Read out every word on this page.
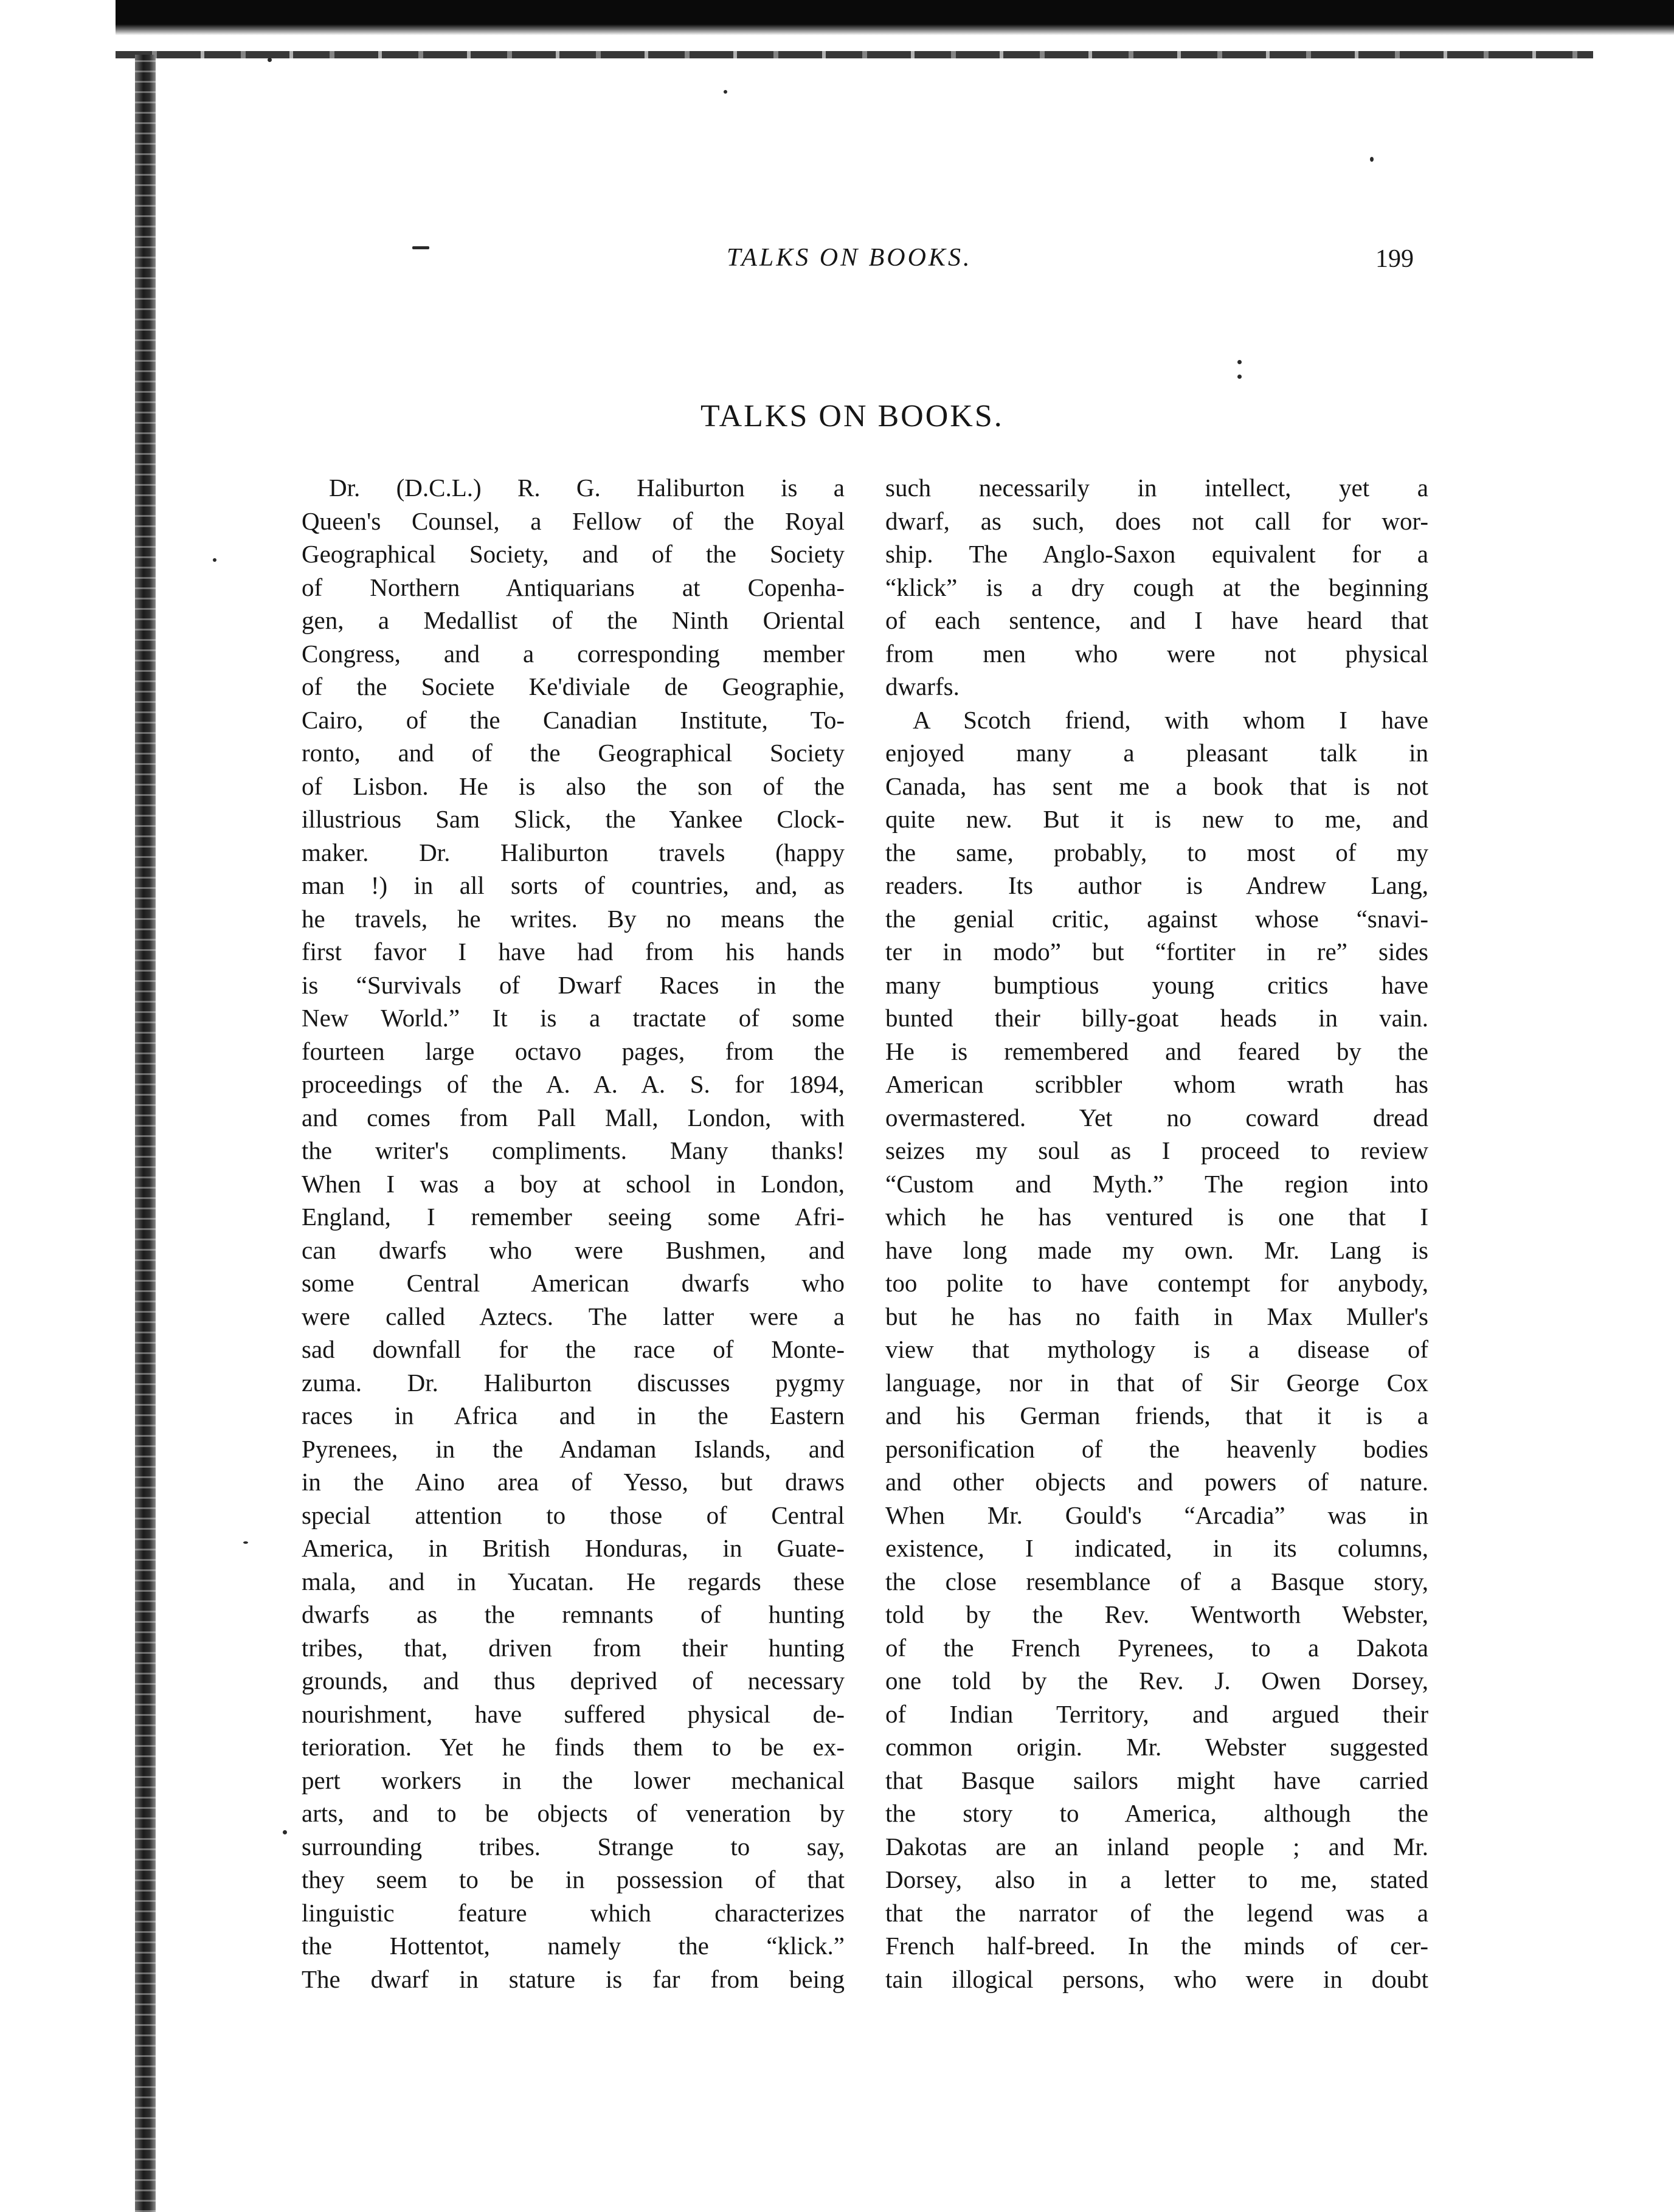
TALKS ON BOOKS.	199
TALKS ON BOOKS.
Dr. (D.C.L.) R. G. Haliburton is a
Queen's Counsel, a Fellow of the Royal
Geographical Society, and of the Society
of Northern Antiquarians at Copenha-
gen, a Medallist of the Ninth Oriental
Congress, and a corresponding member
of the Societe Ke'diviale de Geographie,
Cairo, of the Canadian Institute, To-
ronto, and of the Geographical Society
of Lisbon. He is also the son of the
illustrious Sam Slick, the Yankee Clock-
maker. Dr. Haliburton travels (happy
man !) in all sorts of countries, and, as
he travels, he writes. By no means the
first favor I have had from his hands
is “Survivals of Dwarf Races in the
New World.” It is a tractate of some
fourteen large octavo pages, from the
proceedings of the A. A. A. S. for 1894,
and comes from Pall Mall, London, with
the writer's compliments. Many thanks!
When I was a boy at school in London,
England, I remember seeing some Afri-
can dwarfs who were Bushmen, and
some Central American dwarfs who
were called Aztecs. The latter were a
sad downfall for the race of Monte-
zuma. Dr. Haliburton discusses pygmy
races in Africa and in the Eastern
Pyrenees, in the Andaman Islands, and
in the Aino area of Yesso, but draws
special attention to those of Central
America, in British Honduras, in Guate-
mala, and in Yucatan. He regards these
dwarfs as the remnants of hunting
tribes, that, driven from their hunting
grounds, and thus deprived of necessary
nourishment, have suffered physical de-
terioration. Yet he finds them to be ex-
pert workers in the lower mechanical
arts, and to be objects of veneration by
surrounding tribes. Strange to say,
they seem to be in possession of that
linguistic feature which characterizes
the Hottentot, namely the “klick.”
The dwarf in stature is far from being
such necessarily in intellect, yet a
dwarf, as such, does not call for wor-
ship. The Anglo-Saxon equivalent for a
“klick” is a dry cough at the beginning
of each sentence, and I have heard that
from men who were not physical
dwarfs.
A Scotch friend, with whom I have
enjoyed many a pleasant talk in
Canada, has sent me a book that is not
quite new. But it is new to me, and
the same, probably, to most of my
readers. Its author is Andrew Lang,
the genial critic, against whose “snavi-
ter in modo” but “fortiter in re” sides
many bumptious young critics have
bunted their billy-goat heads in vain.
He is remembered and feared by the
American scribbler whom wrath has
overmastered. Yet no coward dread
seizes my soul as I proceed to review
“Custom and Myth.” The region into
which he has ventured is one that I
have long made my own. Mr. Lang is
too polite to have contempt for anybody,
but he has no faith in Max Muller's
view that mythology is a disease of
language, nor in that of Sir George Cox
and his German friends, that it is a
personification of the heavenly bodies
and other objects and powers of nature.
When Mr. Gould's “Arcadia” was in
existence, I indicated, in its columns,
the close resemblance of a Basque story,
told by the Rev. Wentworth Webster,
of the French Pyrenees, to a Dakota
one told by the Rev. J. Owen Dorsey,
of Indian Territory, and argued their
common origin. Mr. Webster suggested
that Basque sailors might have carried
the story to America, although the
Dakotas are an inland people ; and Mr.
Dorsey, also in a letter to me, stated
that the narrator of the legend was a
French half-breed. In the minds of cer-
tain illogical persons, who were in doubt
